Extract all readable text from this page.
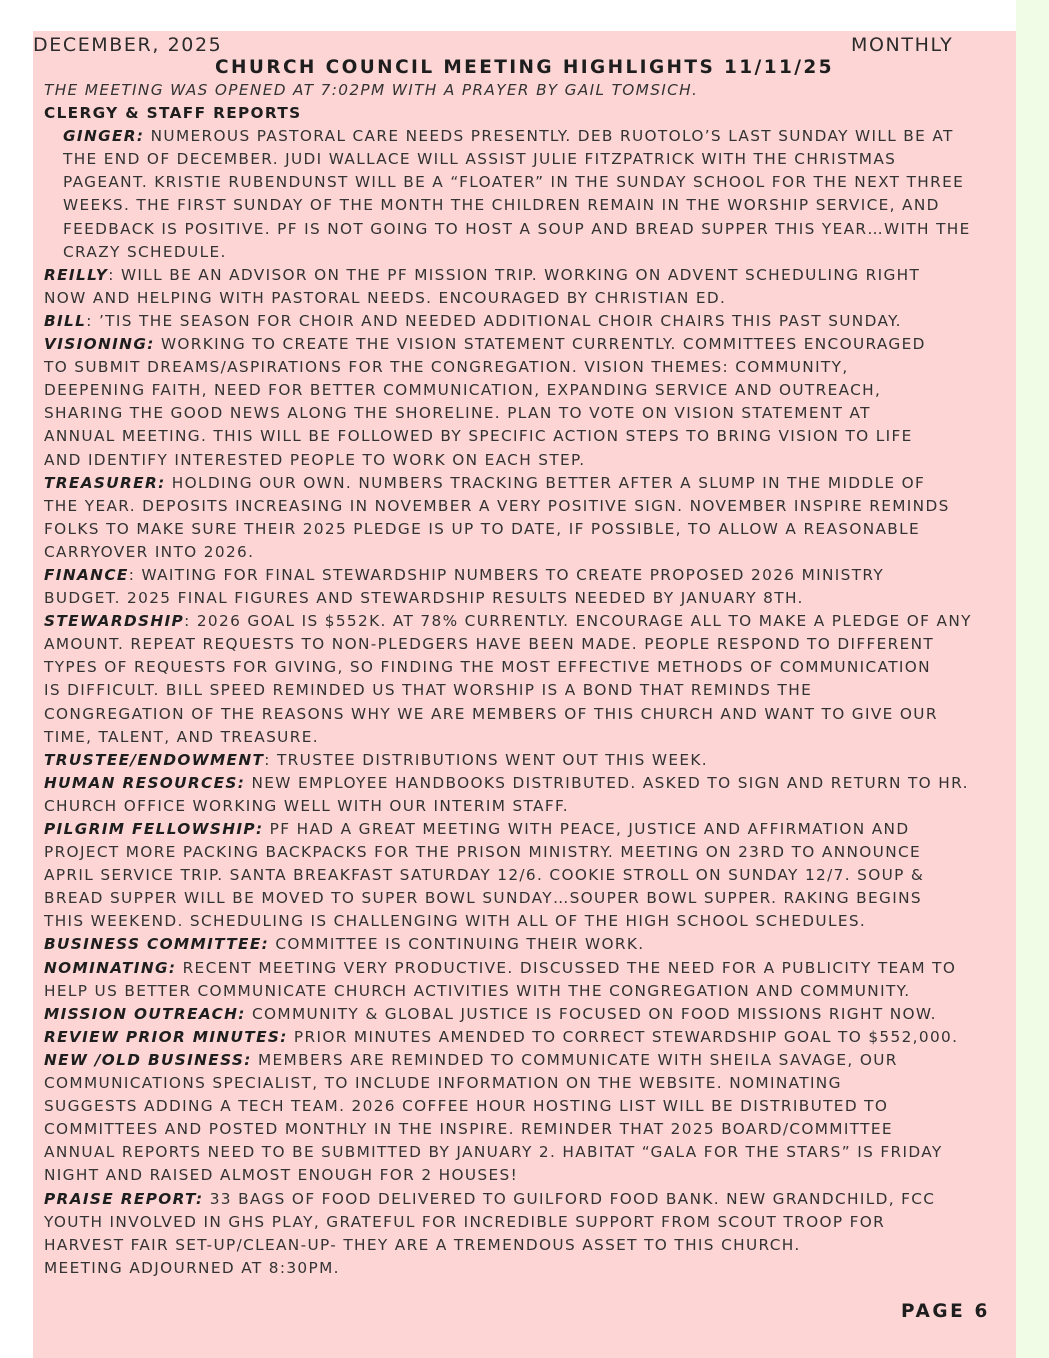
DECEMBER, 2025	MONTHLY
CHURCH COUNCIL MEETING HIGHLIGHTS 11/11/25

THE MEETING WAS OPENED AT 7:02PM WITH A PRAYER BY GAIL TOMSICH.

CLERGY & STAFF REPORTS

GINGER: NUMEROUS PASTORAL CARE NEEDS PRESENTLY. DEB RUOTOLO’S LAST SUNDAY WILL BE AT
THE END OF DECEMBER. JUDI WALLACE WILL ASSIST JULIE FITZPATRICK WITH THE CHRISTMAS
PAGEANT. KRISTIE RUBENDUNST WILL BE A “FLOATER” IN THE SUNDAY SCHOOL FOR THE NEXT THREE
WEEKS. THE FIRST SUNDAY OF THE MONTH THE CHILDREN REMAIN IN THE WORSHIP SERVICE, AND
FEEDBACK IS POSITIVE. PF IS NOT GOING TO HOST A SOUP AND BREAD SUPPER THIS YEAR…WITH THE
CRAZY SCHEDULE.

REILLY: WILL BE AN ADVISOR ON THE PF MISSION TRIP. WORKING ON ADVENT SCHEDULING RIGHT
NOW AND HELPING WITH PASTORAL NEEDS. ENCOURAGED BY CHRISTIAN ED.

BILL: ’TIS THE SEASON FOR CHOIR AND NEEDED ADDITIONAL CHOIR CHAIRS THIS PAST SUNDAY.

VISIONING: WORKING TO CREATE THE VISION STATEMENT CURRENTLY. COMMITTEES ENCOURAGED
TO SUBMIT DREAMS/ASPIRATIONS FOR THE CONGREGATION. VISION THEMES: COMMUNITY,
DEEPENING FAITH, NEED FOR BETTER COMMUNICATION, EXPANDING SERVICE AND OUTREACH,
SHARING THE GOOD NEWS ALONG THE SHORELINE. PLAN TO VOTE ON VISION STATEMENT AT
ANNUAL MEETING. THIS WILL BE FOLLOWED BY SPECIFIC ACTION STEPS TO BRING VISION TO LIFE
AND IDENTIFY INTERESTED PEOPLE TO WORK ON EACH STEP.

TREASURER: HOLDING OUR OWN. NUMBERS TRACKING BETTER AFTER A SLUMP IN THE MIDDLE OF
THE YEAR. DEPOSITS INCREASING IN NOVEMBER A VERY POSITIVE SIGN. NOVEMBER INSPIRE REMINDS
FOLKS TO MAKE SURE THEIR 2025 PLEDGE IS UP TO DATE, IF POSSIBLE, TO ALLOW A REASONABLE
CARRYOVER INTO 2026.

FINANCE: WAITING FOR FINAL STEWARDSHIP NUMBERS TO CREATE PROPOSED 2026 MINISTRY
BUDGET. 2025 FINAL FIGURES AND STEWARDSHIP RESULTS NEEDED BY JANUARY 8TH.

STEWARDSHIP: 2026 GOAL IS $552K. AT 78% CURRENTLY. ENCOURAGE ALL TO MAKE A PLEDGE OF ANY
AMOUNT. REPEAT REQUESTS TO NON-PLEDGERS HAVE BEEN MADE. PEOPLE RESPOND TO DIFFERENT
TYPES OF REQUESTS FOR GIVING, SO FINDING THE MOST EFFECTIVE METHODS OF COMMUNICATION
IS DIFFICULT. BILL SPEED REMINDED US THAT WORSHIP IS A BOND THAT REMINDS THE
CONGREGATION OF THE REASONS WHY WE ARE MEMBERS OF THIS CHURCH AND WANT TO GIVE OUR
TIME, TALENT, AND TREASURE.

TRUSTEE/ENDOWMENT: TRUSTEE DISTRIBUTIONS WENT OUT THIS WEEK.

HUMAN RESOURCES: NEW EMPLOYEE HANDBOOKS DISTRIBUTED. ASKED TO SIGN AND RETURN TO HR.
CHURCH OFFICE WORKING WELL WITH OUR INTERIM STAFF.

PILGRIM FELLOWSHIP: PF HAD A GREAT MEETING WITH PEACE, JUSTICE AND AFFIRMATION AND
PROJECT MORE PACKING BACKPACKS FOR THE PRISON MINISTRY. MEETING ON 23RD TO ANNOUNCE
APRIL SERVICE TRIP. SANTA BREAKFAST SATURDAY 12/6. COOKIE STROLL ON SUNDAY 12/7. SOUP &
BREAD SUPPER WILL BE MOVED TO SUPER BOWL SUNDAY…SOUPER BOWL SUPPER. RAKING BEGINS
THIS WEEKEND. SCHEDULING IS CHALLENGING WITH ALL OF THE HIGH SCHOOL SCHEDULES.

BUSINESS COMMITTEE: COMMITTEE IS CONTINUING THEIR WORK.

NOMINATING: RECENT MEETING VERY PRODUCTIVE. DISCUSSED THE NEED FOR A PUBLICITY TEAM TO
HELP US BETTER COMMUNICATE CHURCH ACTIVITIES WITH THE CONGREGATION AND COMMUNITY.

MISSION OUTREACH: COMMUNITY & GLOBAL JUSTICE IS FOCUSED ON FOOD MISSIONS RIGHT NOW.

REVIEW PRIOR MINUTES: PRIOR MINUTES AMENDED TO CORRECT STEWARDSHIP GOAL TO $552,000.

NEW /OLD BUSINESS: MEMBERS ARE REMINDED TO COMMUNICATE WITH SHEILA SAVAGE, OUR
COMMUNICATIONS SPECIALIST, TO INCLUDE INFORMATION ON THE WEBSITE. NOMINATING
SUGGESTS ADDING A TECH TEAM. 2026 COFFEE HOUR HOSTING LIST WILL BE DISTRIBUTED TO
COMMITTEES AND POSTED MONTHLY IN THE INSPIRE. REMINDER THAT 2025 BOARD/COMMITTEE
ANNUAL REPORTS NEED TO BE SUBMITTED BY JANUARY 2. HABITAT “GALA FOR THE STARS” IS FRIDAY
NIGHT AND RAISED ALMOST ENOUGH FOR 2 HOUSES!

PRAISE REPORT: 33 BAGS OF FOOD DELIVERED TO GUILFORD FOOD BANK. NEW GRANDCHILD, FCC
YOUTH INVOLVED IN GHS PLAY, GRATEFUL FOR INCREDIBLE SUPPORT FROM SCOUT TROOP FOR
HARVEST FAIR SET-UP/CLEAN-UP- THEY ARE A TREMENDOUS ASSET TO THIS CHURCH.

MEETING ADJOURNED AT 8:30PM.

PAGE 6
